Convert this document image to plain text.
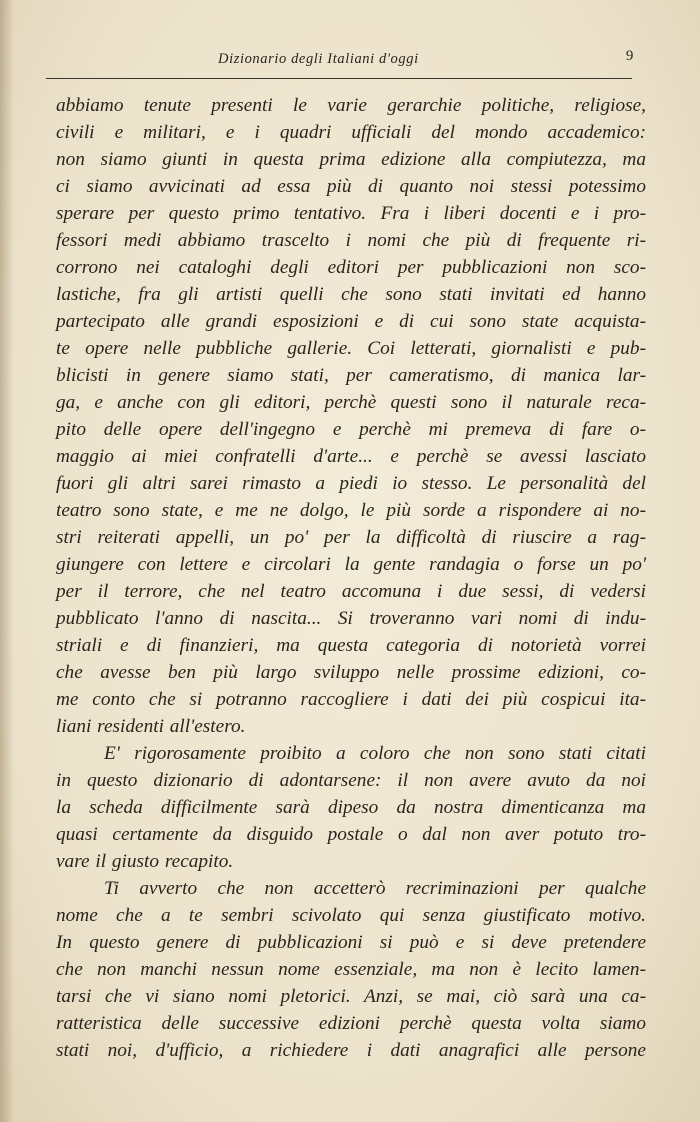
Dizionario degli Italiani d'oggi	9
abbiamo tenute presenti le varie gerarchie politiche, religiose,
civili e militari, e i quadri ufficiali del mondo accademico:
non siamo giunti in questa prima edizione alla compiutezza, ma
ci siamo avvicinati ad essa più di quanto noi stessi potessimo
sperare per questo primo tentativo. Fra i liberi docenti e i pro-
fessori medi abbiamo trascelto i nomi che più di frequente ri-
corrono nei cataloghi degli editori per pubblicazioni non sco-
lastiche, fra gli artisti quelli che sono stati invitati ed hanno
partecipato alle grandi esposizioni e di cui sono state acquista-
te opere nelle pubbliche gallerie. Coi letterati, giornalisti e pub-
blicisti in genere siamo stati, per cameratismo, di manica lar-
ga, e anche con gli editori, perchè questi sono il naturale reca-
pito delle opere dell'ingegno e perchè mi premeva di fare o-
maggio ai miei confratelli d'arte... e perchè se avessi lasciato
fuori gli altri sarei rimasto a piedi io stesso. Le personalità del
teatro sono state, e me ne dolgo, le più sorde a rispondere ai no-
stri reiterati appelli, un po' per la difficoltà di riuscire a rag-
giungere con lettere e circolari la gente randagia o forse un po'
per il terrore, che nel teatro accomuna i due sessi, di vedersi
pubblicato l'anno di nascita... Si troveranno vari nomi di indu-
striali e di finanzieri, ma questa categoria di notorietà vorrei
che avesse ben più largo sviluppo nelle prossime edizioni, co-
me conto che si potranno raccogliere i dati dei più cospicui ita-
liani residenti all'estero.
E' rigorosamente proibito a coloro che non sono stati citati
in questo dizionario di adontarsene: il non avere avuto da noi
la scheda difficilmente sarà dipeso da nostra dimenticanza ma
quasi certamente da disguido postale o dal non aver potuto tro-
vare il giusto recapito.
Ti avverto che non accetterò recriminazioni per qualche
nome che a te sembri scivolato qui senza giustificato motivo.
In questo genere di pubblicazioni si può e si deve pretendere
che non manchi nessun nome essenziale, ma non è lecito lamen-
tarsi che vi siano nomi pletorici. Anzi, se mai, ciò sarà una ca-
ratteristica delle successive edizioni perchè questa volta siamo
stati noi, d'ufficio, a richiedere i dati anagrafici alle persone
